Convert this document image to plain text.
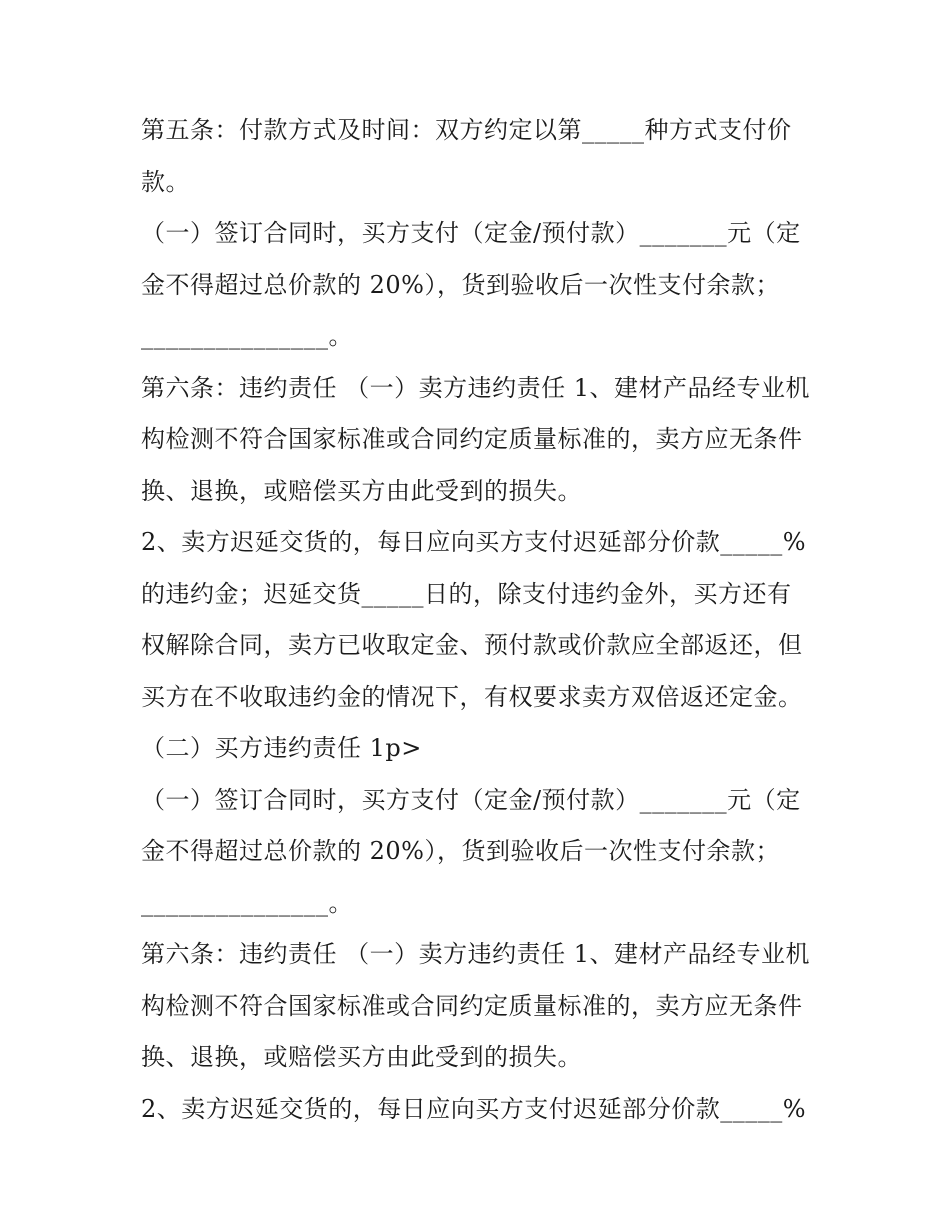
第五条：付款方式及时间：双方约定以第_____种方式支付价
款。
（一）签订合同时，买方支付（定金/预付款）_______元（定
金不得超过总价款的 20%），货到验收后一次性支付余款；
_______________。
第六条：违约责任 （一）卖方违约责任 1、建材产品经专业机
构检测不符合国家标准或合同约定质量标准的，卖方应无条件
换、退换，或赔偿买方由此受到的损失。
2、卖方迟延交货的，每日应向买方支付迟延部分价款_____%
的违约金；迟延交货_____日的，除支付违约金外，买方还有
权解除合同，卖方已收取定金、预付款或价款应全部返还，但
买方在不收取违约金的情况下，有权要求卖方双倍返还定金。
（二）买方违约责任 1p>
（一）签订合同时，买方支付（定金/预付款）_______元（定
金不得超过总价款的 20%），货到验收后一次性支付余款；
_______________。
第六条：违约责任 （一）卖方违约责任 1、建材产品经专业机
构检测不符合国家标准或合同约定质量标准的，卖方应无条件
换、退换，或赔偿买方由此受到的损失。
2、卖方迟延交货的，每日应向买方支付迟延部分价款_____%
